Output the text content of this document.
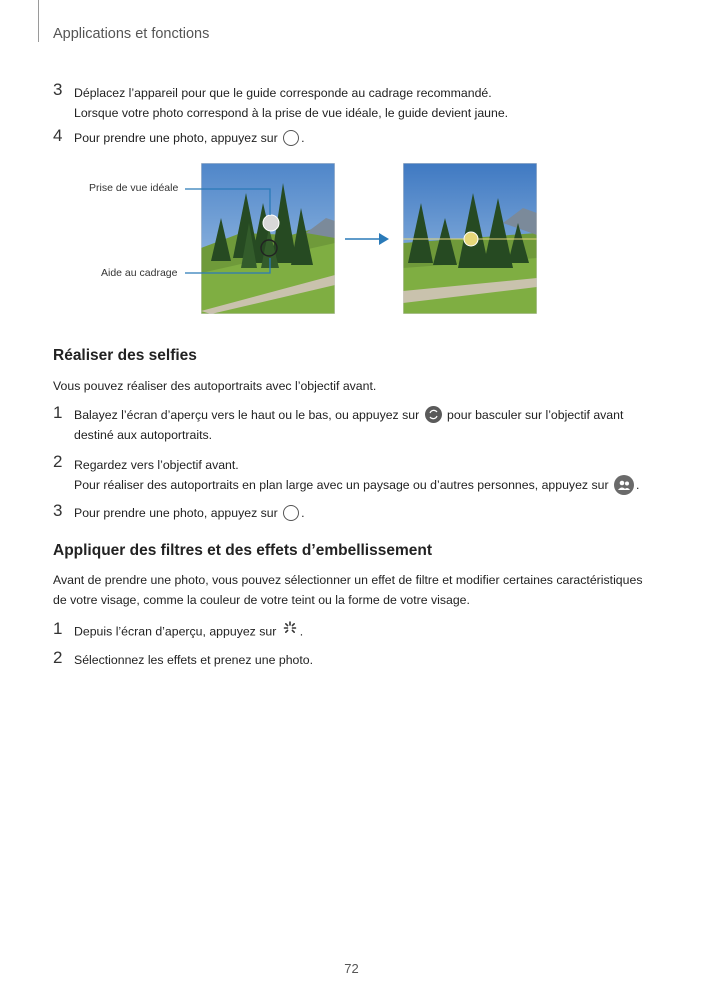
Applications et fonctions
3 Déplacez l’appareil pour que le guide corresponde au cadrage recommandé.
Lorsque votre photo correspond à la prise de vue idéale, le guide devient jaune.
4 Pour prendre une photo, appuyez sur .
Prise de vue idéale
Aide au cadrage
Réaliser des selfies
Vous pouvez réaliser des autoportraits avec l’objectif avant.
1 Balayez l’écran d’aperçu vers le haut ou le bas, ou appuyez sur pour basculer sur l’objectif avant
destiné aux autoportraits.
2 Regardez vers l’objectif avant.
Pour réaliser des autoportraits en plan large avec un paysage ou d’autres personnes, appuyez sur .
3 Pour prendre une photo, appuyez sur .
Appliquer des filtres et des effets d’embellissement
Avant de prendre une photo, vous pouvez sélectionner un effet de filtre et modifier certaines caractéristiques
de votre visage, comme la couleur de votre teint ou la forme de votre visage.
1 Depuis l’écran d’aperçu, appuyez sur .
2 Sélectionnez les effets et prenez une photo.
72
